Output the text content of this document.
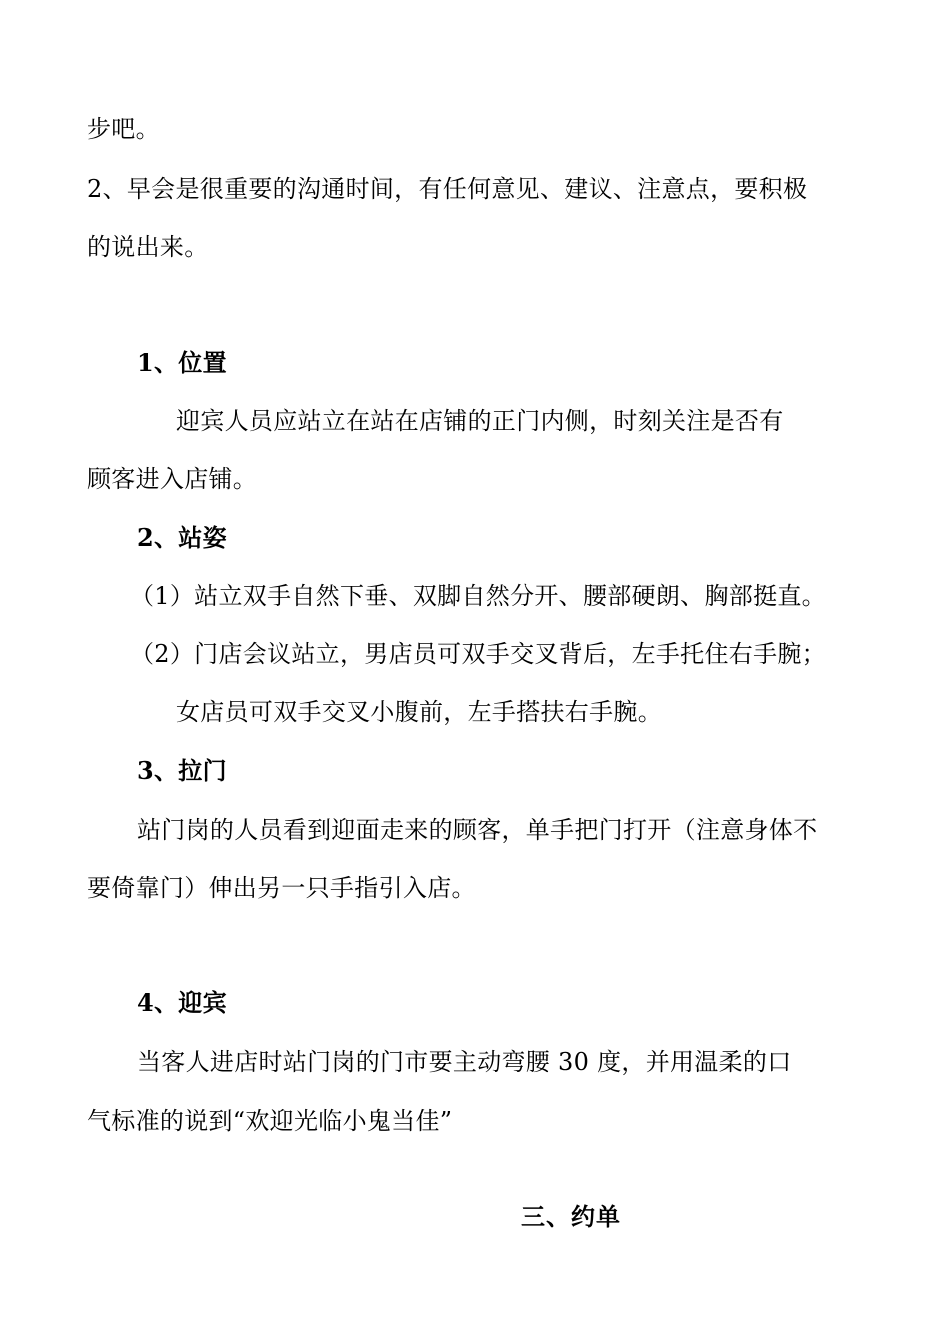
步吧。
2、早会是很重要的沟通时间，有任何意见、建议、注意点，要积极
的说出来。
1、位置
迎宾人员应站立在站在店铺的正门内侧，时刻关注是否有
顾客进入店铺。
2、站姿
（1）站立双手自然下垂、双脚自然分开、腰部硬朗、胸部挺直。
（2）门店会议站立，男店员可双手交叉背后，左手托住右手腕；
女店员可双手交叉小腹前，左手搭扶右手腕。
3、拉门
站门岗的人员看到迎面走来的顾客，单手把门打开（注意身体不
要倚靠门）伸出另一只手指引入店。
4、迎宾
当客人进店时站门岗的门市要主动弯腰 30 度，并用温柔的口
气标准的说到“欢迎光临小鬼当佳”
三、约单
